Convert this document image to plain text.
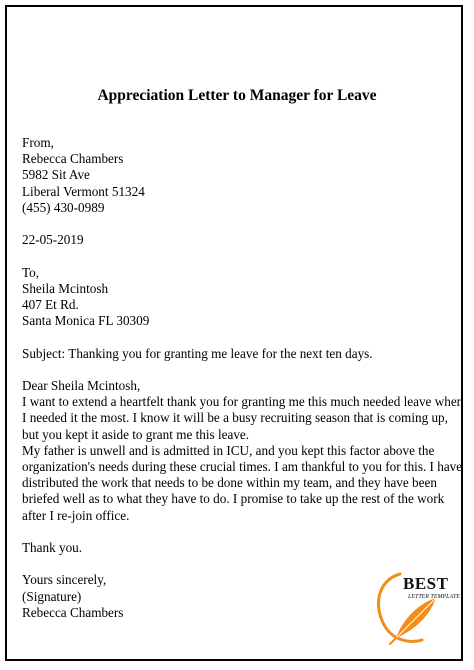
Appreciation Letter to Manager for Leave
From,
Rebecca Chambers
5982 Sit Ave
Liberal Vermont 51324
(455) 430-0989
22-05-2019
To,
Sheila Mcintosh
407 Et Rd.
Santa Monica FL 30309
Subject: Thanking you for granting me leave for the next ten days.
Dear Sheila Mcintosh,
I want to extend a heartfelt thank you for granting me this much needed leave when
I needed it the most. I know it will be a busy recruiting season that is coming up,
but you kept it aside to grant me this leave.
My father is unwell and is admitted in ICU, and you kept this factor above the
organization's needs during these crucial times. I am thankful to you for this. I have
distributed the work that needs to be done within my team, and they have been
briefed well as to what they have to do. I promise to take up the rest of the work
after I re-join office.
Thank you.
Yours sincerely,
(Signature)
Rebecca Chambers
BEST
LETTER TEMPLATE
